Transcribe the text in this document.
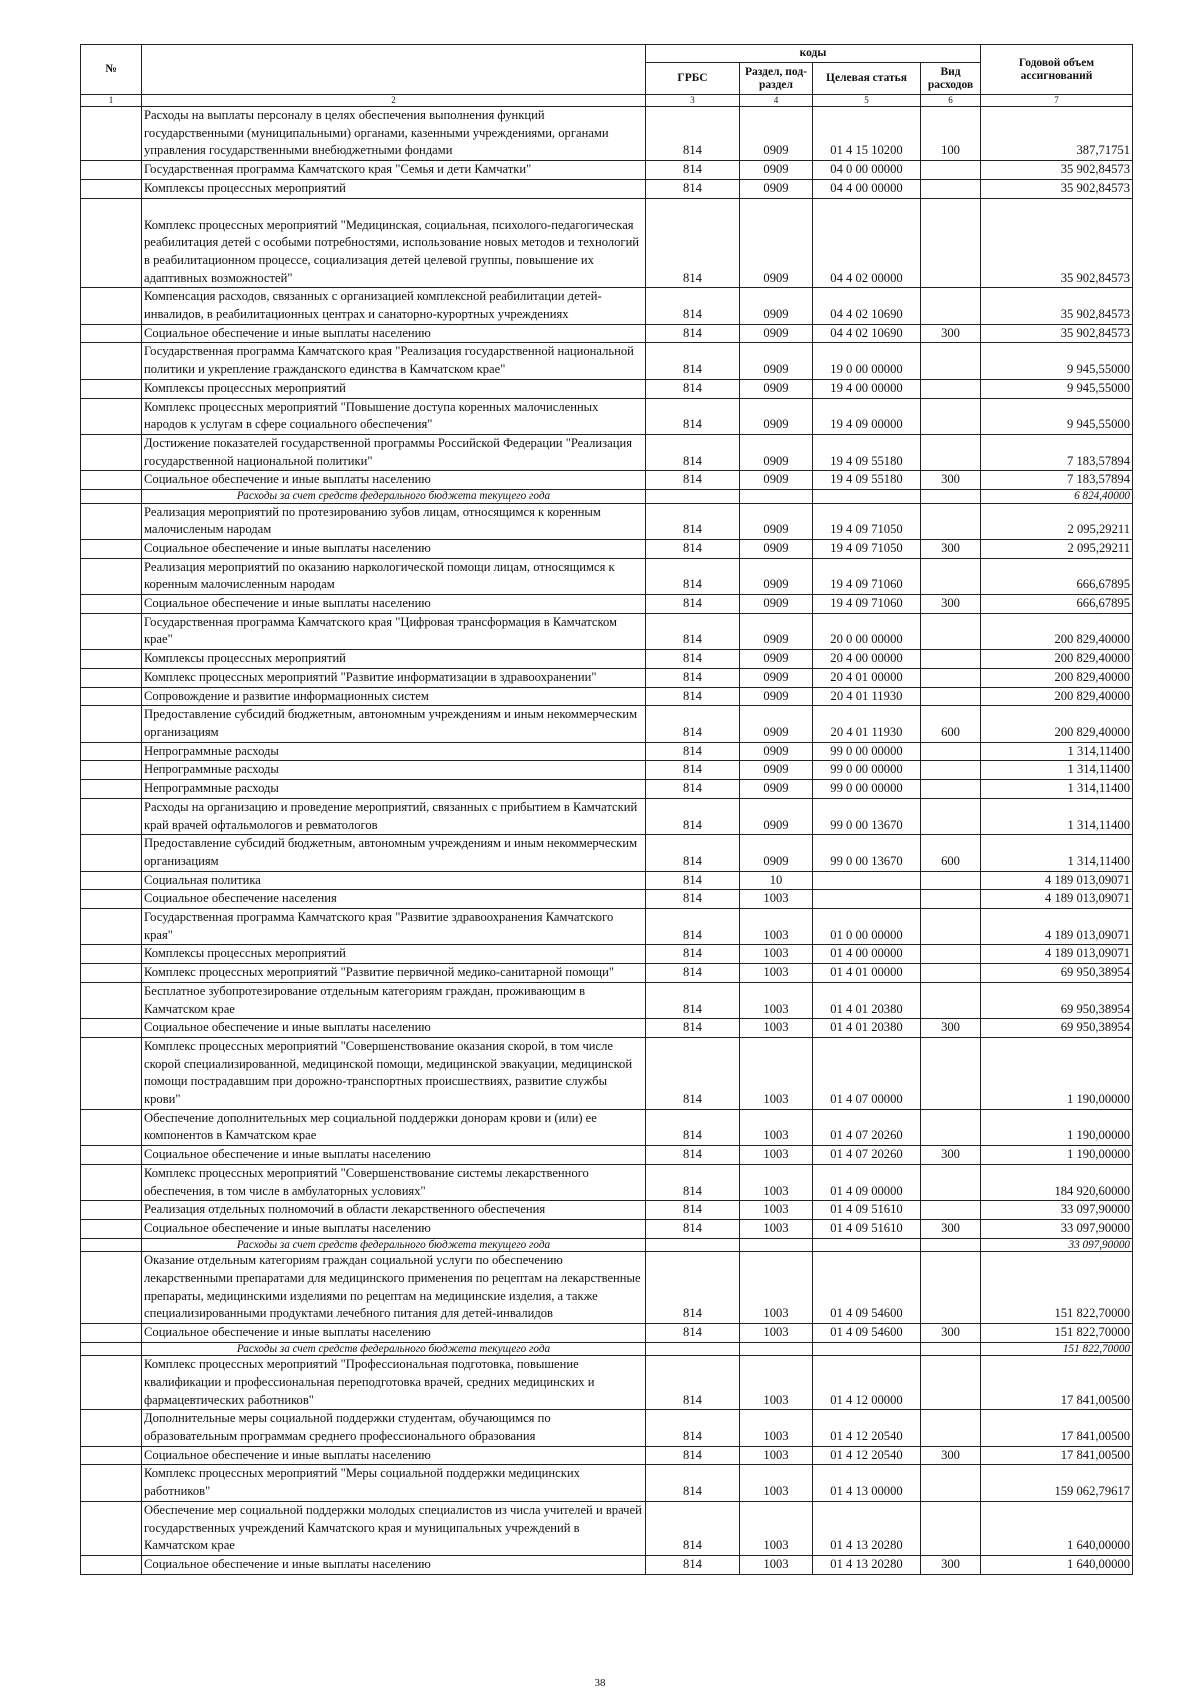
№		коды				Годовой объем ассигнований
		ГРБС	Раздел, под-раздел	Целевая статья	Вид расходов	
1	2	3	4	5	6	7
	Расходы на выплаты персоналу в целях обеспечения выполнения функций государственными (муниципальными) органами, казенными учреждениями, органами управления государственными внебюджетными фондами	814	0909	01 4 15 10200	100	387,71751
	Государственная программа Камчатского края "Семья и дети Камчатки"	814	0909	04 0 00 00000		35 902,84573
	Комплексы процессных мероприятий	814	0909	04 4 00 00000		35 902,84573
	Комплекс процессных мероприятий "Медицинская, социальная, психолого-педагогическая реабилитация детей с особыми потребностями, использование новых методов и технологий в реабилитационном процессе, социализация детей целевой группы, повышение их адаптивных возможностей"	814	0909	04 4 02 00000		35 902,84573
	Компенсация расходов, связанных с организацией комплексной реабилитации детей-инвалидов, в реабилитационных центрах и санаторно-курортных учреждениях	814	0909	04 4 02 10690		35 902,84573
	Социальное обеспечение и иные выплаты населению	814	0909	04 4 02 10690	300	35 902,84573
	Государственная программа Камчатского края "Реализация государственной национальной политики и укрепление гражданского единства в Камчатском крае"	814	0909	19 0 00 00000		9 945,55000
	Комплексы процессных мероприятий	814	0909	19 4 00 00000		9 945,55000
	Комплекс процессных мероприятий "Повышение доступа коренных малочисленных народов к услугам в сфере социального обеспечения"	814	0909	19 4 09 00000		9 945,55000
	Достижение показателей государственной программы Российской Федерации "Реализация государственной национальной политики"	814	0909	19 4 09 55180		7 183,57894
	Социальное обеспечение и иные выплаты населению	814	0909	19 4 09 55180	300	7 183,57894
	Расходы за счет средств федерального бюджета текущего года					6 824,40000
	Реализация мероприятий по протезированию зубов лицам, относящимся к коренным малочисленым народам	814	0909	19 4 09 71050		2 095,29211
	Социальное обеспечение и иные выплаты населению	814	0909	19 4 09 71050	300	2 095,29211
	Реализация мероприятий по оказанию наркологической помощи лицам, относящимся к коренным малочисленным народам	814	0909	19 4 09 71060		666,67895
	Социальное обеспечение и иные выплаты населению	814	0909	19 4 09 71060	300	666,67895
	Государственная программа Камчатского края "Цифровая трансформация в Камчатском крае"	814	0909	20 0 00 00000		200 829,40000
	Комплексы процессных мероприятий	814	0909	20 4 00 00000		200 829,40000
	Комплекс процессных мероприятий "Развитие информатизации в здравоохранении"	814	0909	20 4 01 00000		200 829,40000
	Сопровождение и развитие информационных систем	814	0909	20 4 01 11930		200 829,40000
	Предоставление субсидий бюджетным, автономным учреждениям и иным некоммерческим организациям	814	0909	20 4 01 11930	600	200 829,40000
	Непрограммные расходы	814	0909	99 0 00 00000		1 314,11400
	Непрограммные расходы	814	0909	99 0 00 00000		1 314,11400
	Непрограммные расходы	814	0909	99 0 00 00000		1 314,11400
	Расходы на организацию и проведение мероприятий, связанных с прибытием в Камчатский край врачей офтальмологов и ревматологов	814	0909	99 0 00 13670		1 314,11400
	Предоставление субсидий бюджетным, автономным учреждениям и иным некоммерческим организациям	814	0909	99 0 00 13670	600	1 314,11400
	Социальная политика	814	10			4 189 013,09071
	Социальное обеспечение населения	814	1003			4 189 013,09071
	Государственная программа Камчатского края "Развитие здравоохранения Камчатского края"	814	1003	01 0 00 00000		4 189 013,09071
	Комплексы процессных мероприятий	814	1003	01 4 00 00000		4 189 013,09071
	Комплекс процессных мероприятий "Развитие первичной медико-санитарной помощи"	814	1003	01 4 01 00000		69 950,38954
	Бесплатное зубопротезирование отдельным категориям граждан, проживающим в Камчатском крае	814	1003	01 4 01 20380		69 950,38954
	Социальное обеспечение и иные выплаты населению	814	1003	01 4 01 20380	300	69 950,38954
	Комплекс процессных мероприятий "Совершенствование оказания скорой, в том числе скорой специализированной, медицинской помощи, медицинской эвакуации, медицинской помощи пострадавшим при дорожно-транспортных происшествиях, развитие службы крови"	814	1003	01 4 07 00000		1 190,00000
	Обеспечение дополнительных мер социальной поддержки донорам крови и (или) ее компонентов в Камчатском крае	814	1003	01 4 07 20260		1 190,00000
	Социальное обеспечение и иные выплаты населению	814	1003	01 4 07 20260	300	1 190,00000
	Комплекс процессных мероприятий "Совершенствование системы лекарственного обеспечения, в том числе в амбулаторных условиях"	814	1003	01 4 09 00000		184 920,60000
	Реализация отдельных полномочий в области лекарственного обеспечения	814	1003	01 4 09 51610		33 097,90000
	Социальное обеспечение и иные выплаты населению	814	1003	01 4 09 51610	300	33 097,90000
	Расходы за счет средств федерального бюджета текущего года					33 097,90000
	Оказание отдельным категориям граждан социальной услуги по обеспечению лекарственными препаратами для медицинского применения по рецептам на лекарственные препараты, медицинскими изделиями по рецептам на медицинские изделия, а также специализированными продуктами лечебного питания для детей-инвалидов	814	1003	01 4 09 54600		151 822,70000
	Социальное обеспечение и иные выплаты населению	814	1003	01 4 09 54600	300	151 822,70000
	Расходы за счет средств федерального бюджета текущего года					151 822,70000
	Комплекс процессных мероприятий "Профессиональная подготовка, повышение квалификации и профессиональная переподготовка врачей, средних медицинских и фармацевтических работников"	814	1003	01 4 12 00000		17 841,00500
	Дополнительные меры социальной поддержки студентам, обучающимся по образовательным программам среднего профессионального образования	814	1003	01 4 12 20540		17 841,00500
	Социальное обеспечение и иные выплаты населению	814	1003	01 4 12 20540	300	17 841,00500
	Комплекс процессных мероприятий "Меры социальной поддержки медицинских работников"	814	1003	01 4 13 00000		159 062,79617
	Обеспечение мер социальной поддержки молодых специалистов из числа учителей и врачей государственных учреждений Камчатского края и муниципальных учреждений в Камчатском крае	814	1003	01 4 13 20280		1 640,00000
	Социальное обеспечение и иные выплаты населению	814	1003	01 4 13 20280	300	1 640,00000
38
